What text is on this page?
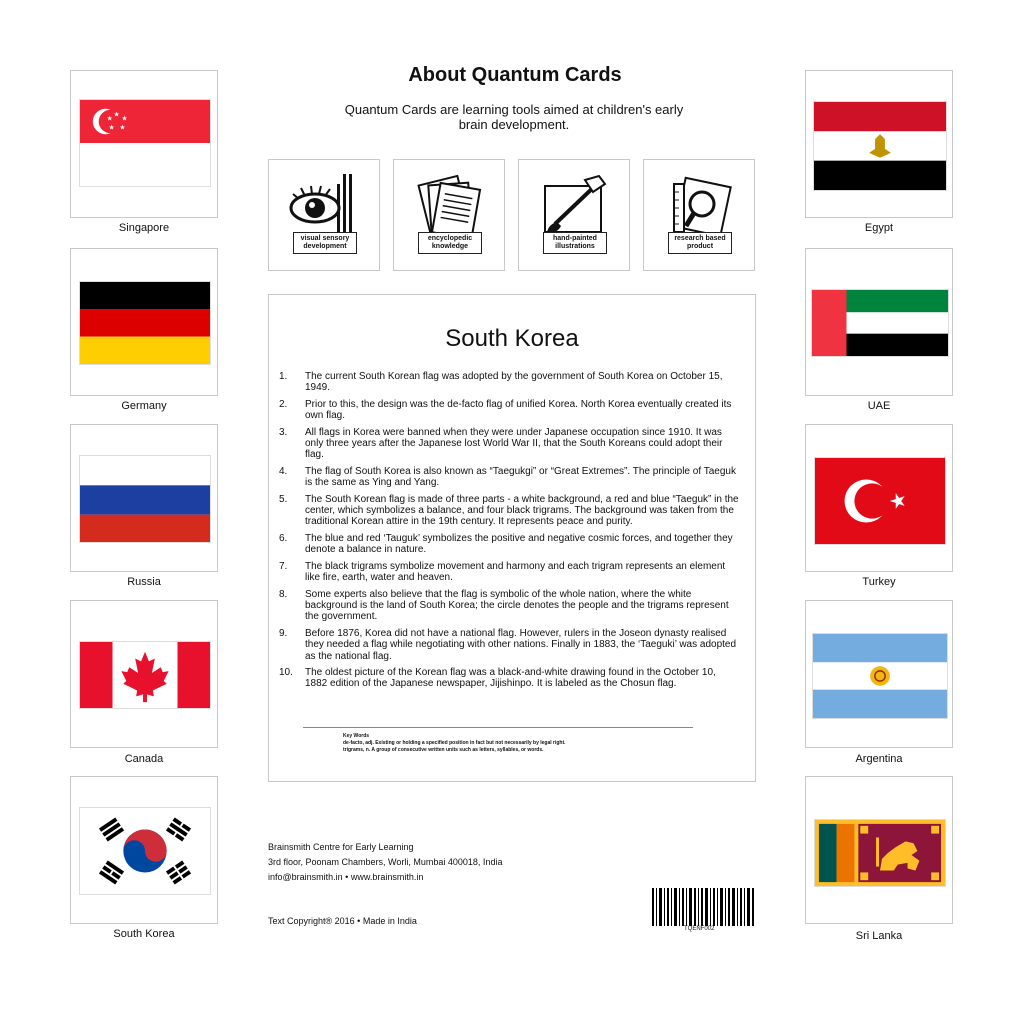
★ ★
★
★
★
Singapore
Germany
Russia
Canada
South Korea
Egypt
UAE
Turkey
Argentina
Sri Lanka
About Quantum Cards
Quantum Cards are learning tools aimed at children's early brain development.
visual sensory development
encyclopedic knowledge
hand-painted illustrations
research based product
South Korea
1.	The current South Korean flag was adopted by the government of South Korea on October 15, 1949.
2.	Prior to this, the design was the de-facto flag of unified Korea. North Korea eventually created its own flag.
3.	All flags in Korea were banned when they were under Japanese occupation since 1910. It was only three years after the Japanese lost World War II, that the South Koreans could adopt their flag.
4.	The flag of South Korea is also known as “Taegukgi” or “Great Extremes”. The principle of Taeguk is the same as Ying and Yang.
5.	The South Korean flag is made of three parts - a white background, a red and blue “Taeguk” in the center, which symbolizes a balance, and four black trigrams. The background was taken from the traditional Korean attire in the 19th century. It represents peace and purity.
6.	The blue and red ‘Tauguk’ symbolizes the positive and negative cosmic forces, and together they denote a balance in nature.
7.	The black trigrams symbolize movement and harmony and each trigram represents an element like fire, earth, water and heaven.
8.	Some experts also believe that the flag is symbolic of the whole nation, where the white background is the land of South Korea; the circle denotes the people and the trigrams represent the government.
9.	Before 1876, Korea did not have a national flag. However, rulers in the Joseon dynasty realised they needed a flag while negotiating with other nations. Finally in 1883, the ‘Taeguki’ was adopted as the national flag.
10.	The oldest picture of the Korean flag was a black-and-white drawing found in the October 10, 1882 edition of the Japanese newspaper, Jijishinpo. It is labeled as the Chosun flag.
Key Words
de-facto, adj. Existing or holding a specified position in fact but not necessarily by legal right.
trigrams, n. A group of consecutive written units such as letters, syllables, or words.
Brainsmith Centre for Early Learning
3rd floor, Poonam Chambers, Worli, Mumbai 400018, India
info@brainsmith.in • www.brainsmith.in
Text Copyright® 2016 • Made in India
TQENF002
